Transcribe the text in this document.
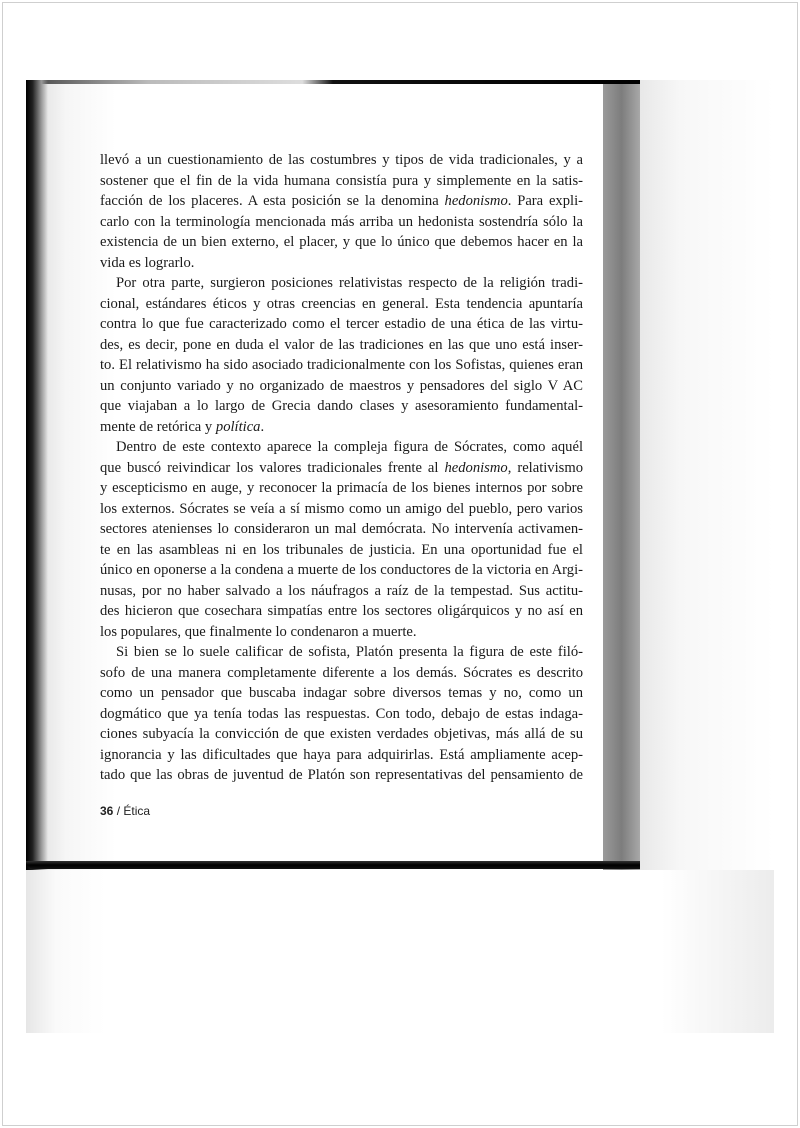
llevó a un cuestionamiento de las costumbres y tipos de vida tradicionales, y a
sostener que el fin de la vida humana consistía pura y simplemente en la satis-
facción de los placeres. A esta posición se la denomina hedonismo. Para expli-
carlo con la terminología mencionada más arriba un hedonista sostendría sólo la
existencia de un bien externo, el placer, y que lo único que debemos hacer en la
vida es lograrlo.
Por otra parte, surgieron posiciones relativistas respecto de la religión tradi-
cional, estándares éticos y otras creencias en general. Esta tendencia apuntaría
contra lo que fue caracterizado como el tercer estadio de una ética de las virtu-
des, es decir, pone en duda el valor de las tradiciones en las que uno está inser-
to. El relativismo ha sido asociado tradicionalmente con los Sofistas, quienes eran
un conjunto variado y no organizado de maestros y pensadores del siglo V AC
que viajaban a lo largo de Grecia dando clases y asesoramiento fundamental-
mente de retórica y política.
Dentro de este contexto aparece la compleja figura de Sócrates, como aquél
que buscó reivindicar los valores tradicionales frente al hedonismo, relativismo
y escepticismo en auge, y reconocer la primacía de los bienes internos por sobre
los externos. Sócrates se veía a sí mismo como un amigo del pueblo, pero varios
sectores atenienses lo consideraron un mal demócrata. No intervenía activamen-
te en las asambleas ni en los tribunales de justicia. En una oportunidad fue el
único en oponerse a la condena a muerte de los conductores de la victoria en Argi-
nusas, por no haber salvado a los náufragos a raíz de la tempestad. Sus actitu-
des hicieron que cosechara simpatías entre los sectores oligárquicos y no así en
los populares, que finalmente lo condenaron a muerte.
Si bien se lo suele calificar de sofista, Platón presenta la figura de este filó-
sofo de una manera completamente diferente a los demás. Sócrates es descrito
como un pensador que buscaba indagar sobre diversos temas y no, como un
dogmático que ya tenía todas las respuestas. Con todo, debajo de estas indaga-
ciones subyacía la convicción de que existen verdades objetivas, más allá de su
ignorancia y las dificultades que haya para adquirirlas. Está ampliamente acep-
tado que las obras de juventud de Platón son representativas del pensamiento de
36 / Ética
